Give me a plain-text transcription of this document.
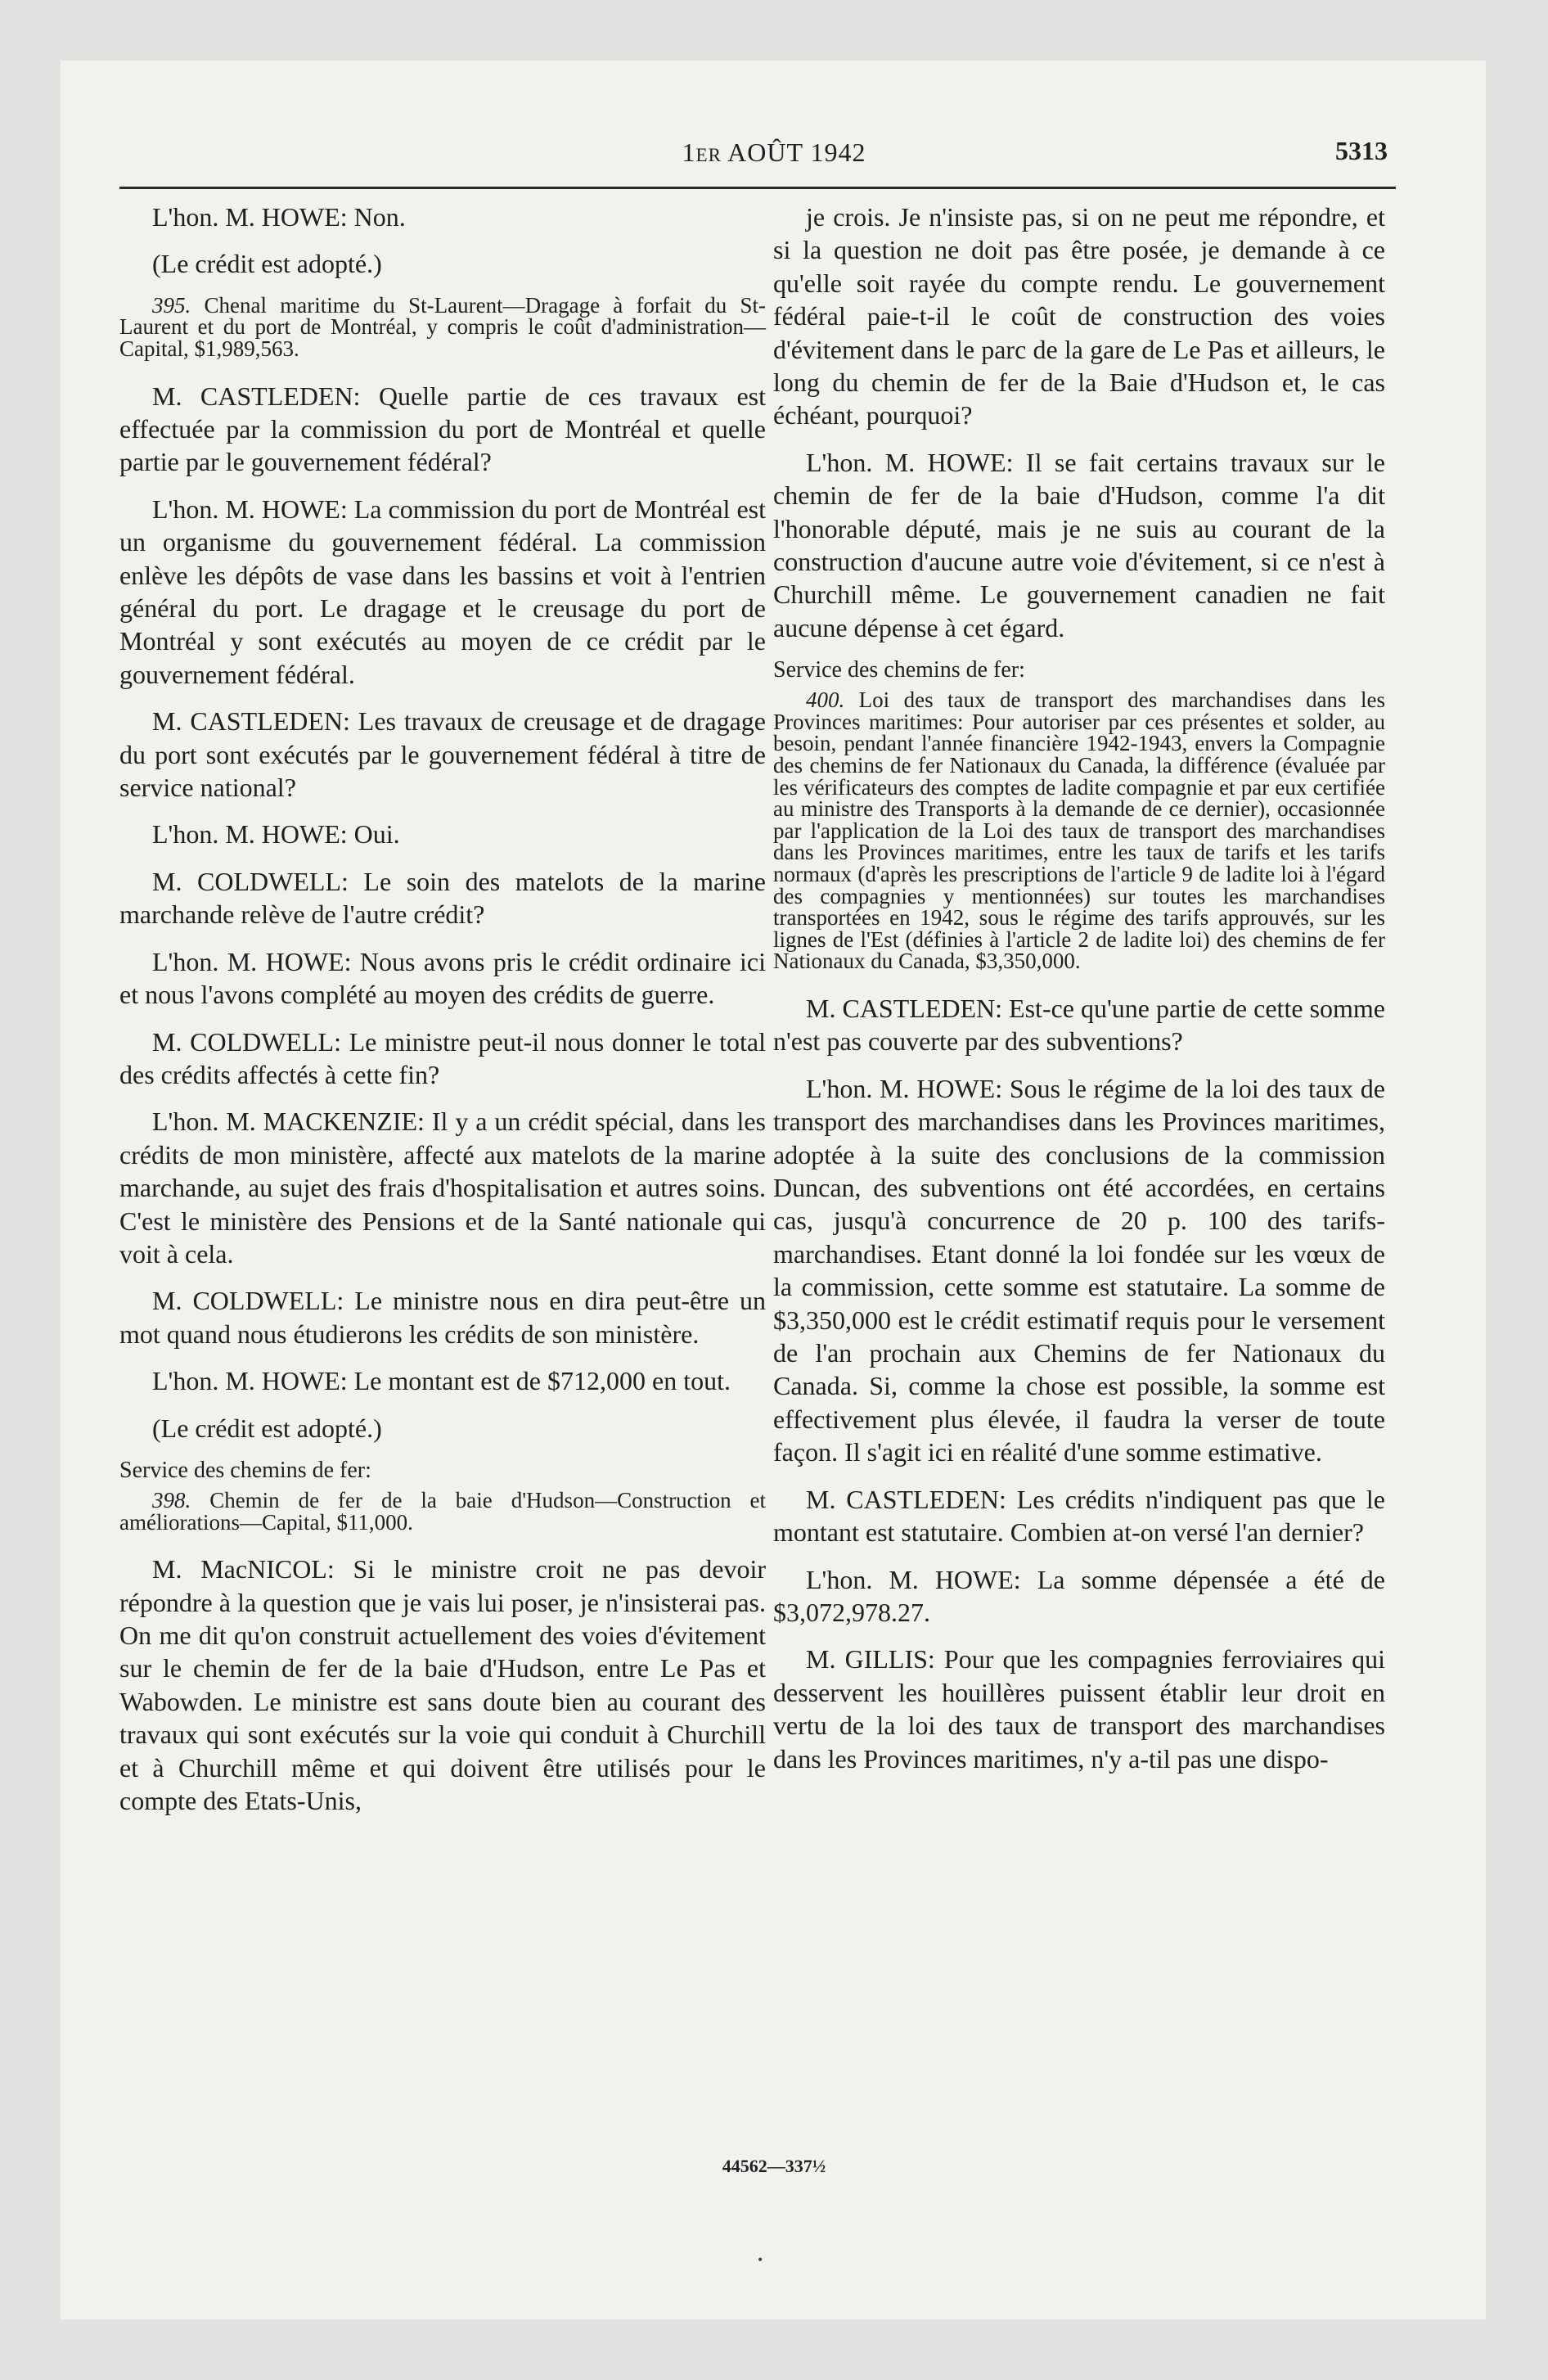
1ER AOÛT 1942	5313

L'hon. M. HOWE: Non.

(Le crédit est adopté.)

395. Chenal maritime du St-Laurent—Dragage à forfait du St-Laurent et du port de Montréal, y compris le coût d'administration—Capital, $1,989,563.

M. CASTLEDEN: Quelle partie de ces travaux est effectuée par la commission du port de Montréal et quelle partie par le gouvernement fédéral?

L'hon. M. HOWE: La commission du port de Montréal est un organisme du gouvernement fédéral. La commission enlève les dépôts de vase dans les bassins et voit à l'entrien général du port. Le dragage et le creusage du port de Montréal y sont exécutés au moyen de ce crédit par le gouvernement fédéral.

M. CASTLEDEN: Les travaux de creusage et de dragage du port sont exécutés par le gouvernement fédéral à titre de service national?

L'hon. M. HOWE: Oui.

M. COLDWELL: Le soin des matelots de la marine marchande relève de l'autre crédit?

L'hon. M. HOWE: Nous avons pris le crédit ordinaire ici et nous l'avons complété au moyen des crédits de guerre.

M. COLDWELL: Le ministre peut-il nous donner le total des crédits affectés à cette fin?

L'hon. M. MACKENZIE: Il y a un crédit spécial, dans les crédits de mon ministère, affecté aux matelots de la marine marchande, au sujet des frais d'hospitalisation et autres soins. C'est le ministère des Pensions et de la Santé nationale qui voit à cela.

M. COLDWELL: Le ministre nous en dira peut-être un mot quand nous étudierons les crédits de son ministère.

L'hon. M. HOWE: Le montant est de $712,000 en tout.

(Le crédit est adopté.)

Service des chemins de fer:

398. Chemin de fer de la baie d'Hudson—Construction et améliorations—Capital, $11,000.

M. MacNICOL: Si le ministre croit ne pas devoir répondre à la question que je vais lui poser, je n'insisterai pas. On me dit qu'on construit actuellement des voies d'évitement sur le chemin de fer de la baie d'Hudson, entre Le Pas et Wabowden. Le ministre est sans doute bien au courant des travaux qui sont exécutés sur la voie qui conduit à Churchill et à Churchill même et qui doivent être utilisés pour le compte des Etats-Unis,

je crois. Je n'insiste pas, si on ne peut me répondre, et si la question ne doit pas être posée, je demande à ce qu'elle soit rayée du compte rendu. Le gouvernement fédéral paie-t-il le coût de construction des voies d'évitement dans le parc de la gare de Le Pas et ailleurs, le long du chemin de fer de la Baie d'Hudson et, le cas échéant, pourquoi?

L'hon. M. HOWE: Il se fait certains travaux sur le chemin de fer de la baie d'Hudson, comme l'a dit l'honorable député, mais je ne suis au courant de la construction d'aucune autre voie d'évitement, si ce n'est à Churchill même. Le gouvernement canadien ne fait aucune dépense à cet égard.

Service des chemins de fer:

400. Loi des taux de transport des marchandises dans les Provinces maritimes: Pour autoriser par ces présentes et solder, au besoin, pendant l'année financière 1942-1943, envers la Compagnie des chemins de fer Nationaux du Canada, la différence (évaluée par les vérificateurs des comptes de ladite compagnie et par eux certifiée au ministre des Transports à la demande de ce dernier), occasionnée par l'application de la Loi des taux de transport des marchandises dans les Provinces maritimes, entre les taux de tarifs et les tarifs normaux (d'après les prescriptions de l'article 9 de ladite loi à l'égard des compagnies y mentionnées) sur toutes les marchandises transportées en 1942, sous le régime des tarifs approuvés, sur les lignes de l'Est (définies à l'article 2 de ladite loi) des chemins de fer Nationaux du Canada, $3,350,000.

M. CASTLEDEN: Est-ce qu'une partie de cette somme n'est pas couverte par des subventions?

L'hon. M. HOWE: Sous le régime de la loi des taux de transport des marchandises dans les Provinces maritimes, adoptée à la suite des conclusions de la commission Duncan, des subventions ont été accordées, en certains cas, jusqu'à concurrence de 20 p. 100 des tarifs-marchandises. Etant donné la loi fondée sur les vœux de la commission, cette somme est statutaire. La somme de $3,350,000 est le crédit estimatif requis pour le versement de l'an prochain aux Chemins de fer Nationaux du Canada. Si, comme la chose est possible, la somme est effectivement plus élevée, il faudra la verser de toute façon. Il s'agit ici en réalité d'une somme estimative.

M. CASTLEDEN: Les crédits n'indiquent pas que le montant est statutaire. Combien at-on versé l'an dernier?

L'hon. M. HOWE: La somme dépensée a été de $3,072,978.27.

M. GILLIS: Pour que les compagnies ferroviaires qui desservent les houillères puissent établir leur droit en vertu de la loi des taux de transport des marchandises dans les Provinces maritimes, n'y a-til pas une dispo-

44562—337½
•
